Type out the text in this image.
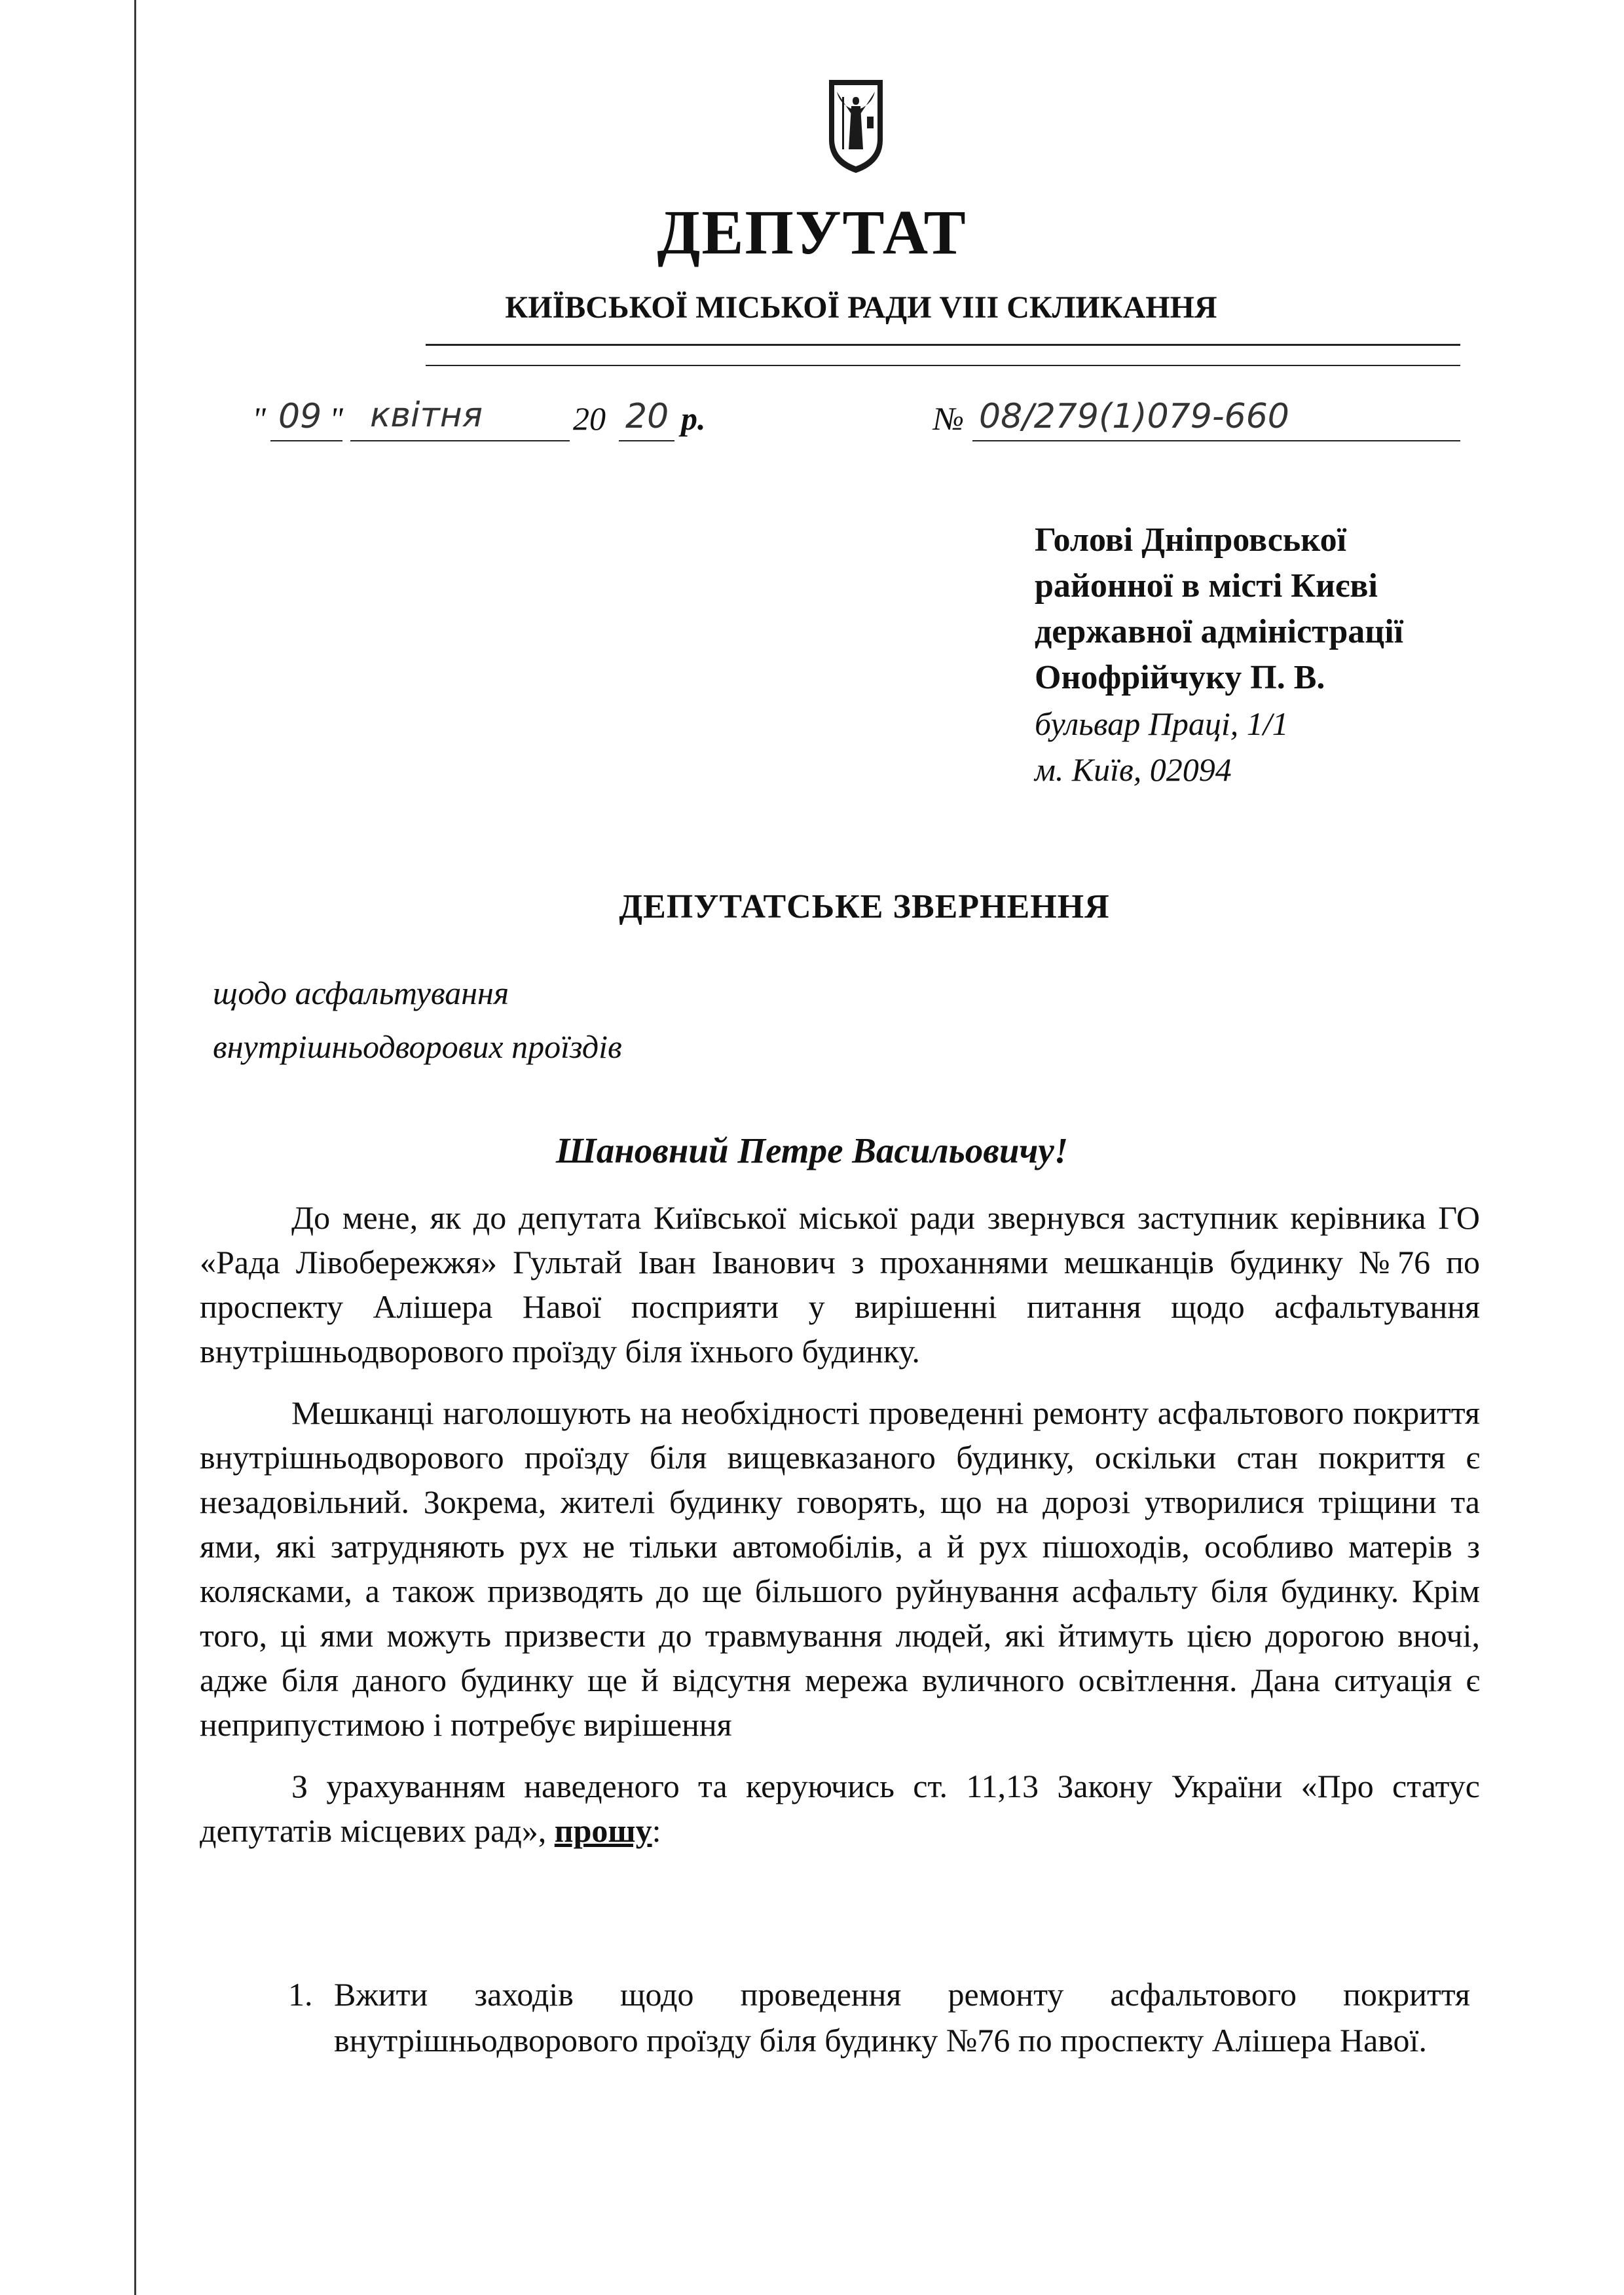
ДЕПУТАТ
КИЇВСЬКОЇ МІСЬКОЇ РАДИ VIII СКЛИКАННЯ
" 09 " квітня	20 20 р.	№ 08/279(1)079-660
Голові Дніпровської
районної в місті Києві
державної адміністрації
Онофрійчуку П. В.
бульвар Праці, 1/1
м. Київ, 02094
ДЕПУТАТСЬКЕ ЗВЕРНЕННЯ
щодо асфальтування
внутрішньодворових проїздів
Шановний Петре Васильовичу!

До мене, як до депутата Київської міської ради звернувся заступник керівника ГО «Рада Лівобережжя» Гультай Іван Іванович з проханнями мешканців будинку №76 по проспекту Алішера Навої посприяти у вирішенні питання щодо асфальтування внутрішньодворового проїзду біля їхнього будинку.

Мешканці наголошують на необхідності проведенні ремонту асфальтового покриття внутрішньодворового проїзду біля вищевказаного будинку, оскільки стан покриття є незадовільний. Зокрема, жителі будинку говорять, що на дорозі утворилися тріщини та ями, які затрудняють рух не тільки автомобілів, а й рух пішоходів, особливо матерів з колясками, а також призводять до ще більшого руйнування асфальту біля будинку. Крім того, ці ями можуть призвести до травмування людей, які йтимуть цією дорогою вночі, адже біля даного будинку ще й відсутня мережа вуличного освітлення. Дана ситуація є неприпустимою і потребує вирішення

З урахуванням наведеного та керуючись ст. 11,13 Закону України «Про статус депутатів місцевих рад», прошу:

1. Вжити заходів щодо проведення ремонту асфальтового покриття внутрішньодворового проїзду біля будинку №76 по проспекту Алішера Навої.
